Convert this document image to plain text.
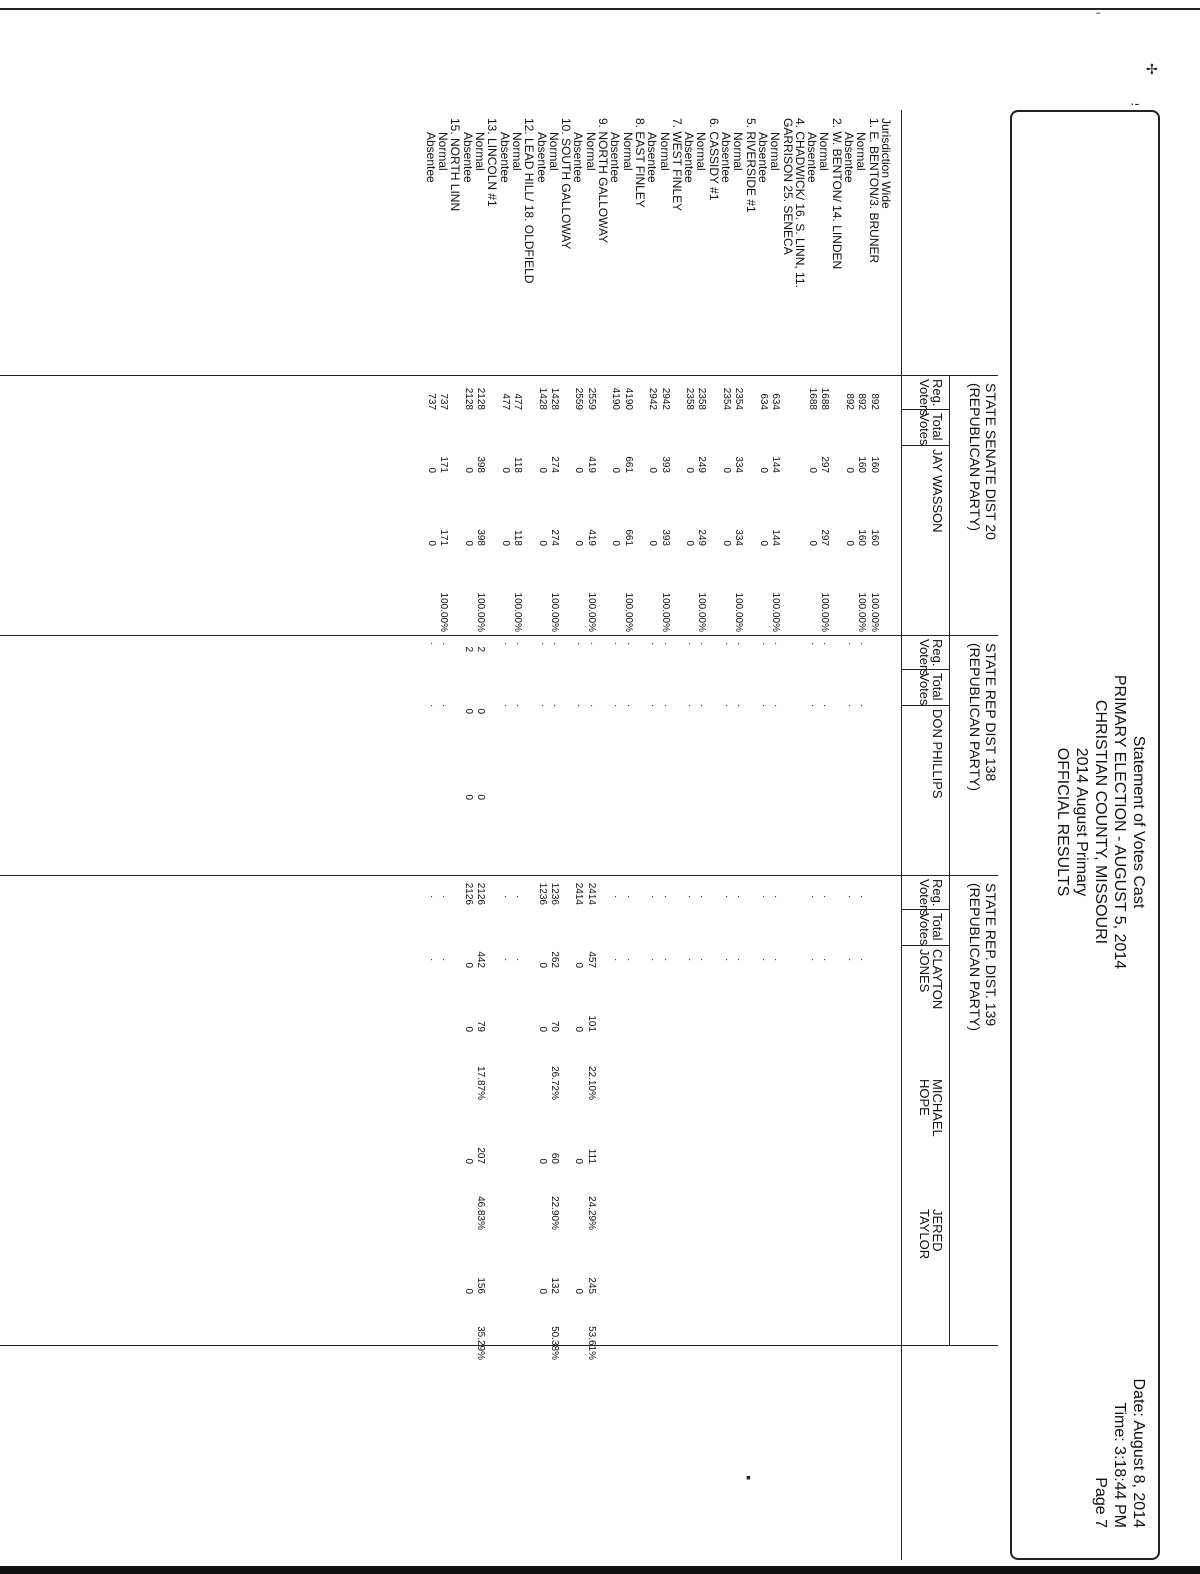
ˉ
✢
·-
▪
Statement of Votes Cast
PRIMARY ELECTION - AUGUST 5, 2014
CHRISTIAN COUNTY, MISSOURI
2014 August Primary
OFFICIAL RESULTS
Date: August 8, 2014
Time: 3:18:44 PM
Page 7
STATE SENATE DIST 20
(REPUBLICAN PARTY)
Reg.
Voters
Total
Votes
JAY WASSON
STATE REP DIST 138
(REPUBLICAN PARTY)
Reg.
Voters
Total
Votes
DON PHILLIPS
STATE REP. DIST. 139
(REPUBLICAN PARTY)
Reg.
Voters
Total
Votes
CLAYTON
JONES
MICHAEL
HOPE
JERED
TAYLOR
Jurisdiction Wide
1. E. BENTON/3. BRUNER
Normal
Absentee
2. W. BENTON/ 14. LINDEN
Normal
Absentee
4. CHADWICK/ 16. S. LINN, 11.
GARRISON 25. SENECA
Normal
Absentee
5. RIVERSIDE #1
Normal
Absentee
6. CASSIDY #1
Normal
Absentee
7. WEST FINLEY
Normal
Absentee
8. EAST FINLEY
Normal
Absentee
9. NORTH GALLOWAY
Normal
Absentee
10. SOUTH GALLOWAY
Normal
Absentee
12. LEAD HILL/ 18. OLDFIELD
Normal
Absentee
13. LINCOLN #1
Normal
Absentee
15. NORTH LINN
Normal
Absentee
892
160
160
100.00%
892
160
160
100.00%
·
·
·
·
892
0
0
·
·
·
·
1688
297
297
100.00%
·
·
·
·
1688
0
0
·
·
·
·
634
144
144
100.00%
·
·
·
·
634
0
0
·
·
·
·
2354
334
334
100.00%
·
·
·
·
2354
0
0
·
·
·
·
2358
249
249
100.00%
·
·
·
·
2358
0
0
·
·
·
·
2942
393
393
100.00%
·
·
·
·
2942
0
0
·
·
·
·
4190
661
661
100.00%
·
·
·
·
4190
0
0
·
·
·
·
2559
419
419
100.00%
·
·
2414
457
101
22.10%
111
24.29%
245
53.61%
2559
0
0
·
·
2414
0
0
0
0
1428
274
274
100.00%
·
·
1236
262
70
26.72%
60
22.90%
132
50.38%
1428
0
0
·
·
1236
0
0
0
0
477
118
118
100.00%
·
·
·
·
477
0
0
·
·
·
·
2128
398
398
100.00%
2
0
0
2126
442
79
17.87%
207
46.83%
156
35.29%
2128
0
0
2
0
0
2126
0
0
0
0
737
171
171
100.00%
·
·
·
·
737
0
0
·
·
·
·
